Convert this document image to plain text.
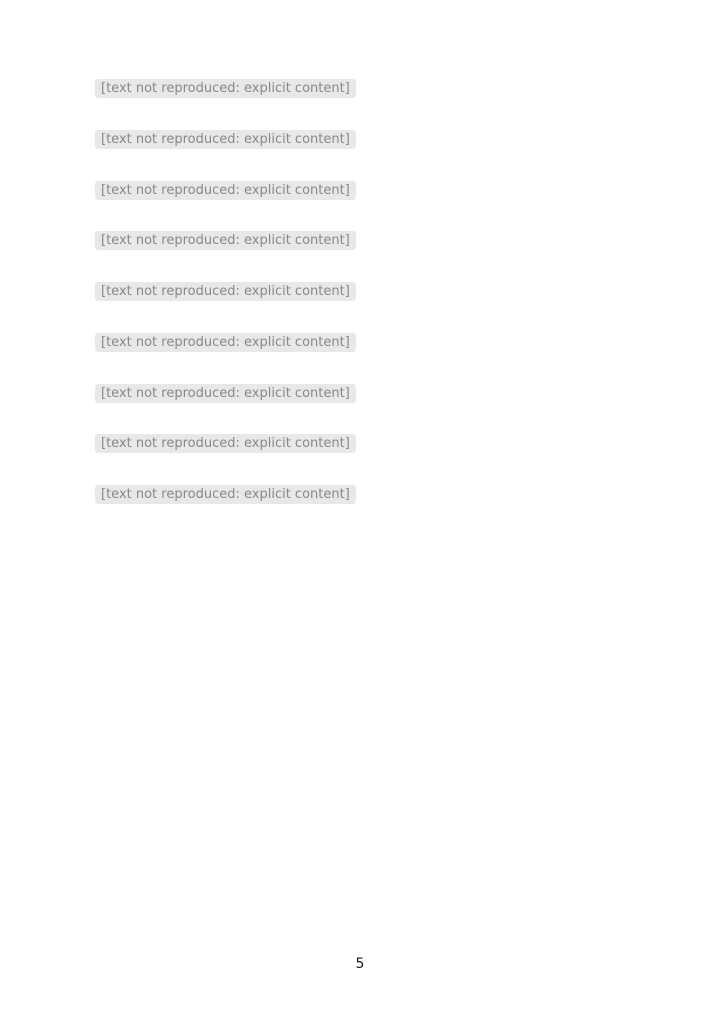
[text not reproduced: explicit content]
[text not reproduced: explicit content]
[text not reproduced: explicit content]
[text not reproduced: explicit content]
[text not reproduced: explicit content]
[text not reproduced: explicit content]
[text not reproduced: explicit content]
[text not reproduced: explicit content]
[text not reproduced: explicit content]
5
